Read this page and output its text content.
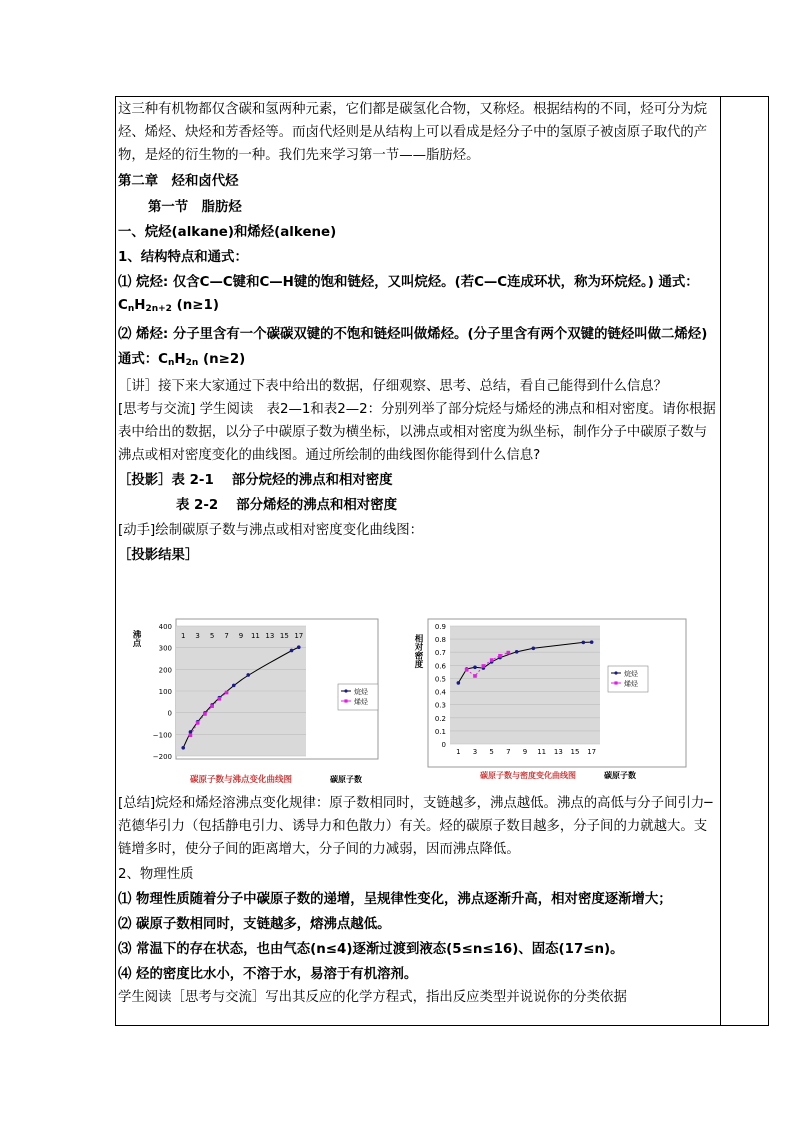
这三种有机物都仅含碳和氢两种元素，它们都是碳氢化合物，又称烃。根据结构的不同，烃可分为烷烃、烯烃、炔烃和芳香烃等。而卤代烃则是从结构上可以看成是烃分子中的氢原子被卤原子取代的产物，是烃的衍生物的一种。我们先来学习第一节——脂肪烃。

第二章　烃和卤代烃

第一节　脂肪烃

一、烷烃(alkane)和烯烃(alkene)

1、结构特点和通式：

⑴ 烷烃: 仅含C—C键和C—H键的饱和链烃，又叫烷烃。(若C—C连成环状，称为环烷烃。) 通式：$C_nH_{2n+2}$ (n≥1)

⑵ 烯烃: 分子里含有一个碳碳双键的不饱和链烃叫做烯烃。(分子里含有两个双键的链烃叫做二烯烃)

通式：$C_nH_{2n}$ (n≥2)

［讲］接下来大家通过下表中给出的数据，仔细观察、思考、总结，看自己能得到什么信息？

[思考与交流] 学生阅读　表2—1和表2—2：分别列举了部分烷烃与烯烃的沸点和相对密度。请你根据表中给出的数据，以分子中碳原子数为横坐标，以沸点或相对密度为纵坐标，制作分子中碳原子数与沸点或相对密度变化的曲线图。通过所绘制的曲线图你能得到什么信息?

［投影］表 2-1　 部分烷烃的沸点和相对密度

表 2-2　 部分烯烃的沸点和相对密度

[动手]绘制碳原子数与沸点或相对密度变化曲线图：

［投影结果］

沸点
400
300
200
100
0
−100
−200
1 3 5 7 9 11 13 15 17
烷烃
烯烃
碳原子数与沸点变化曲线图	碳原子数
相对密度
0.9
0.8
0.7
0.6
0.5
0.4
0.3
0.2
0.1
0
1 3 5 7 9 11 13 15 17
烷烃
烯烃
碳原子数与密度变化曲线图	碳原子数

[总结]烷烃和烯烃溶沸点变化规律：原子数相同时，支链越多，沸点越低。沸点的高低与分子间引力─范德华引力（包括静电引力、诱导力和色散力）有关。烃的碳原子数目越多，分子间的力就越大。支链增多时，使分子间的距离增大，分子间的力减弱，因而沸点降低。

2、物理性质

⑴ 物理性质随着分子中碳原子数的递增，呈规律性变化，沸点逐渐升高，相对密度逐渐增大；

⑵ 碳原子数相同时，支链越多，熔沸点越低。

⑶ 常温下的存在状态，也由气态(n≤4)逐渐过渡到液态(5≤n≤16)、固态(17≤n)。

⑷ 烃的密度比水小，不溶于水，易溶于有机溶剂。

学生阅读［思考与交流］写出其反应的化学方程式，指出反应类型并说说你的分类依据
